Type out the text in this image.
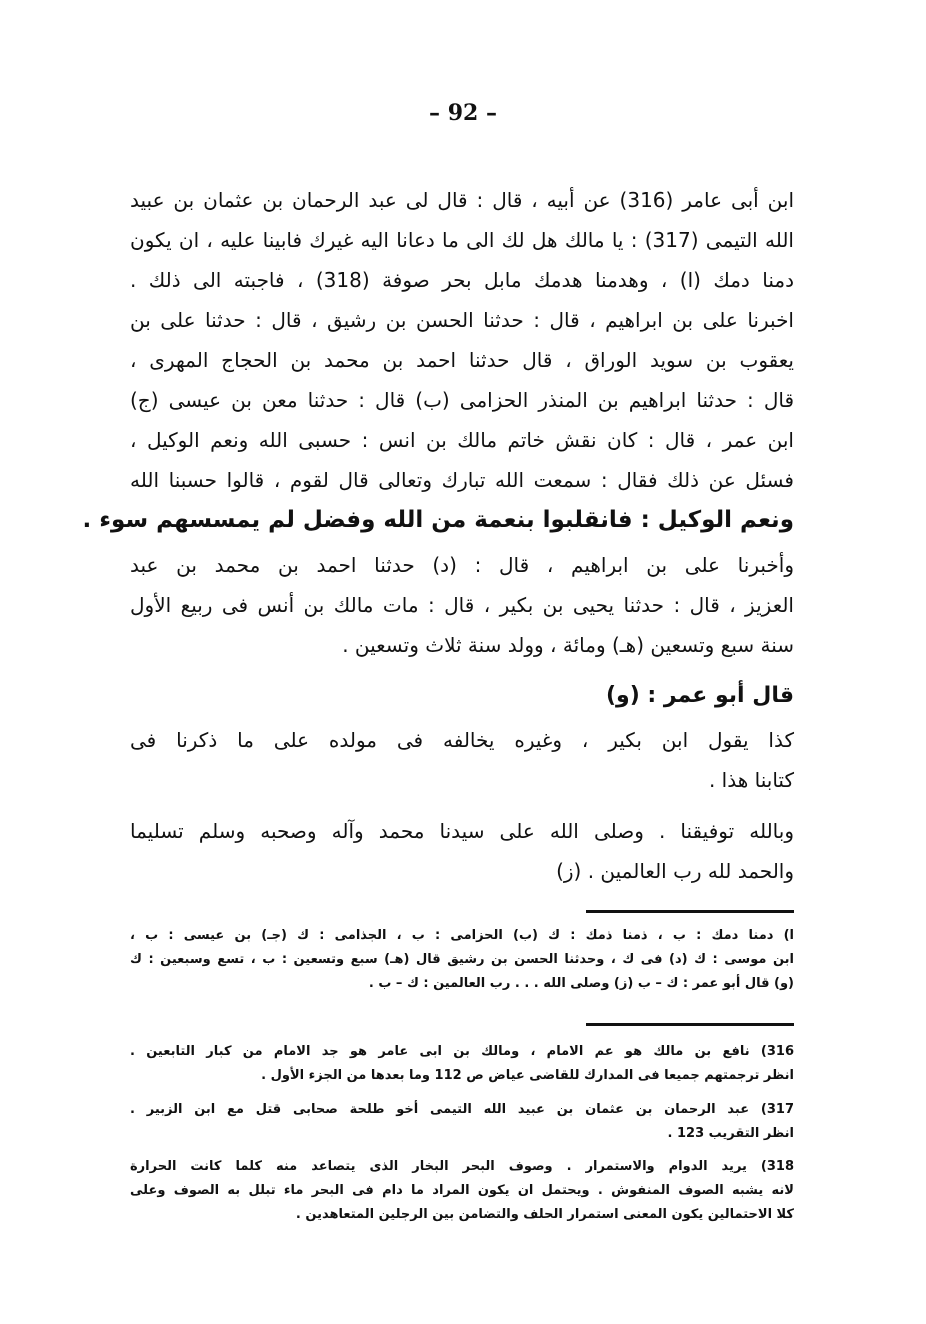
– 92 –
ابن أبى عامر (316) عن أبيه ، قال : قال لى عبد الرحمان بن عثمان بن عبيد
الله التيمى (317) : يا مالك هل لك الى ما دعانا اليه غيرك فابينا عليه ، ان يكون
دمنا دمك (ا) ، وهدمنا هدمك مابل بحر صوفة (318) ، فاجبته الى ذلك .
اخبرنا على بن ابراهيم ، قال : حدثنا الحسن بن رشيق ، قال : حدثنا على بن
يعقوب بن سويد الوراق ، قال حدثنا احمد بن محمد بن الحجاج المهرى ،
قال : حدثنا ابراهيم بن المنذر الحزامى (ب) قال : حدثنا معن بن عيسى (ج)
ابن عمر ، قال : كان نقش خاتم مالك بن انس : حسبى الله ونعم الوكيل ،
فسئل عن ذلك فقال : سمعت الله تبارك وتعالى قال لقوم ، قالوا حسبنا الله
ونعم الوكيل : فانقلبوا بنعمة من الله وفضل لم يمسسهم سوء .
وأخبرنا على بن ابراهيم ، قال : (د) حدثنا احمد بن محمد بن عبد
العزيز ، قال : حدثنا يحيى بن بكير ، قال : مات مالك بن أنس فى ربيع الأول
سنة سبع وتسعين (هـ) ومائة ، وولد سنة ثلاث وتسعين .
قال أبو عمر : (و)
كذا يقول ابن بكير ، وغيره يخالفه فى مولده على ما ذكرنا فى
كتابنا هذا .
وبالله توفيقنا . وصلى الله على سيدنا محمد وآله وصحبه وسلم تسليما
والحمد لله رب العالمين . (ز)
ا) دمنا دمك : ب ، ذمنا ذمك : ك (ب) الحزامى : ب ، الجذامى : ك (جـ) بن عيسى : ب ،
ابن موسى : ك (د) فى ك ، وحدثنا الحسن بن رشيق قال (هـ) سبع وتسعين : ب ، تسع وسبعين : ك
(و) قال أبو عمر : ك – ب (ز) وصلى الله . . . رب العالمين : ك – ب .
316) نافع بن مالك هو عم الامام ، ومالك بن ابى عامر هو جد الامام من كبار التابعين .
انظر ترجمتهم جميعا فى المدارك للقاضى عياض ص 112 وما بعدها من الجزء الأول .
317) عبد الرحمان بن عثمان بن عبيد الله التيمى أخو طلحة صحابى قتل مع ابن الزبير .
انظر التقريب 123 .
318) يريد الدوام والاستمرار . وصوف البحر البخار الذى يتصاعد منه كلما كانت الحرارة
لانه يشبه الصوف المنفوش . ويحتمل ان يكون المراد ما دام فى البحر ماء تبلل به الصوف وعلى
كلا الاحتمالين يكون المعنى استمرار الحلف والتضامن بين الرجلين المتعاهدين .
